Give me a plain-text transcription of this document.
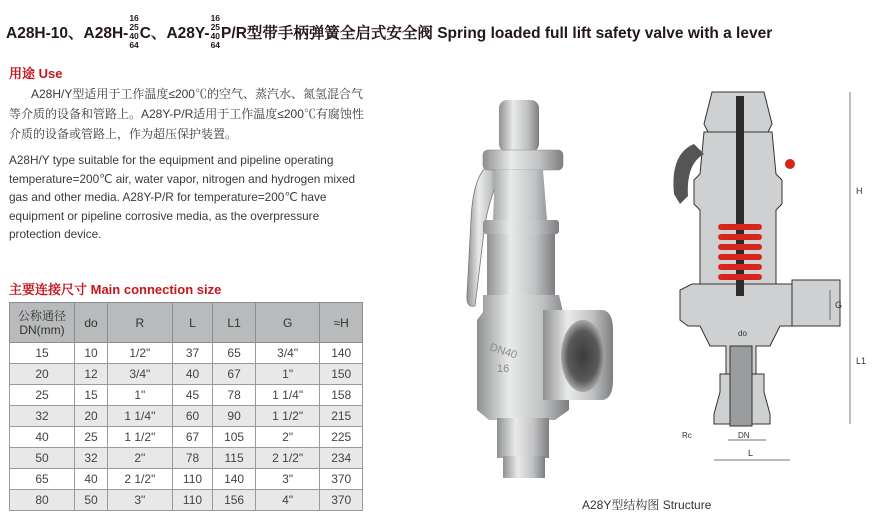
A28H-10、A28H-
16
25
40
64
C、A28Y-
16
25
40
64
P/R型带手柄弹簧全启式安全阀 Spring loaded full lift safety valve with a lever
用途 Use
A28H/Y型适用于工作温度≤200℃的空气、蒸汽水、氮氢混合气等介质的设备和管路上。A28Y-P/R适用于工作温度≤200℃有腐蚀性介质的设备或管路上，作为超压保护装置。
A28H/Y type suitable for the equipment and pipeline operating temperature=200℃ air, water vapor, nitrogen and hydrogen mixed gas and other media. A28Y-P/R for temperature=200℃ have equipment or pipeline corrosive media, as the overpressure protection device.
主要连接尺寸 Main connection size
公称通径 DN(mm)	do	R	L	L1	G	≈H
15	10	1/2"	37	65	3/4"	140
20	12	3/4"	40	67	1"	150
25	15	1"	45	78	1 1/4"	158
32	20	1 1/4"	60	90	1 1/2"	215
40	25	1 1/2"	67	105	2"	225
50	32	2"	78	115	2 1/2"	234
65	40	2 1/2"	110	140	3"	370
80	50	3"	110	156	4"	370
DN40
16
H
G
L1
L
do
DN
Rc
A28Y型结构图 Structure
